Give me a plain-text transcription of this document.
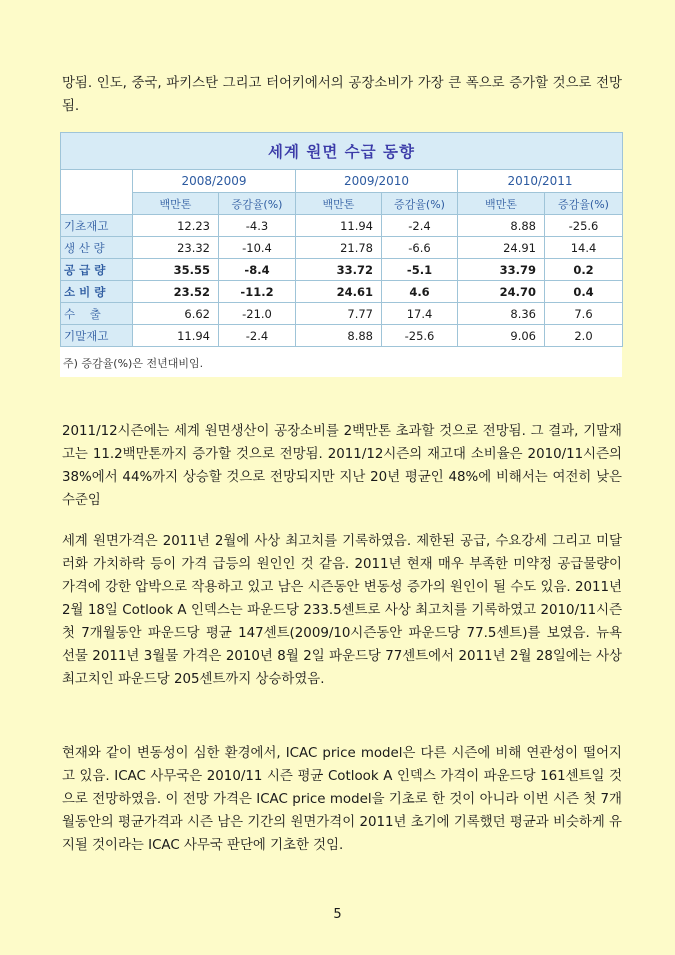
망됨. 인도, 중국, 파키스탄 그리고 터어키에서의 공장소비가 가장 큰 폭으로 증가할 것으로 전망됨.

세계 원면 수급 동향						
	2008/2009		2009/2010		2010/2011	
	백만톤	증감율(%)	백만톤	증감율(%)	백만톤	증감율(%)
기초재고	12.23	-4.3	11.94	-2.4	8.88	-25.6
생 산 량	23.32	-10.4	21.78	-6.6	24.91	14.4
공 급 량	35.55	-8.4	33.72	-5.1	33.79	0.2
소 비 량	23.52	-11.2	24.61	4.6	24.70	0.4
수    출	6.62	-21.0	7.77	17.4	8.36	7.6
기말재고	11.94	-2.4	8.88	-25.6	9.06	2.0
주) 증감율(%)은 전년대비임.

2011/12시즌에는 세계 원면생산이 공장소비를 2백만톤 초과할 것으로 전망됨. 그 결과, 기말재고는 11.2백만톤까지 증가할 것으로 전망됨. 2011/12시즌의 재고대 소비율은 2010/11시즌의 38%에서 44%까지 상승할 것으로 전망되지만 지난 20년 평균인 48%에 비해서는 여전히 낮은 수준임

세계 원면가격은 2011년 2월에 사상 최고치를 기록하였음. 제한된 공급, 수요강세 그리고 미달러화 가치하락 등이 가격 급등의 원인인 것 같음. 2011년 현재 매우 부족한 미약정 공급물량이 가격에 강한 압박으로 작용하고 있고 남은 시즌동안 변동성 증가의 원인이 될 수도 있음. 2011년 2월 18일 Cotlook A 인덱스는 파운드당 233.5센트로 사상 최고치를 기록하였고 2010/11시즌 첫 7개월동안 파운드당 평균 147센트(2009/10시즌동안 파운드당 77.5센트)를 보였음. 뉴욕 선물 2011년 3월물 가격은 2010년 8월 2일 파운드당 77센트에서 2011년 2월 28일에는 사상 최고치인 파운드당 205센트까지 상승하였음.

현재와 같이 변동성이 심한 환경에서, ICAC price model은 다른 시즌에 비해 연관성이 떨어지고 있음. ICAC 사무국은 2010/11 시즌 평균 Cotlook A 인덱스 가격이 파운드당 161센트일 것으로 전망하였음. 이 전망 가격은 ICAC price model을 기초로 한 것이 아니라 이번 시즌 첫 7개월동안의 평균가격과 시즌 남은 기간의 원면가격이 2011년 초기에 기록했던 평균과 비슷하게 유지될 것이라는 ICAC 사무국 판단에 기초한 것임.

5
